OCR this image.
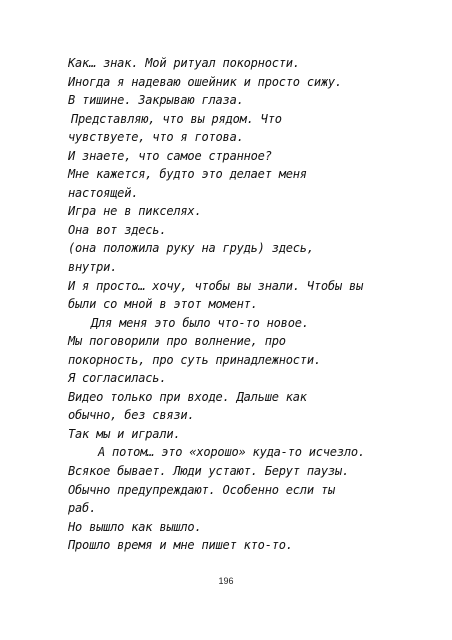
Как… знак. Мой ритуал покорности.
Иногда я надеваю ошейник и просто сижу.
В тишине. Закрываю глаза.
Представляю, что вы рядом. Что
чувствуете, что я готова.
И знаете, что самое странное?
Мне кажется, будто это делает меня
настоящей.
Игра не в пикселях.
Она вот здесь.
(она положила руку на грудь) здесь,
внутри.
И я просто… хочу, чтобы вы знали. Чтобы вы
были со мной в этот момент.
Для меня это было что-то новое.
Мы поговорили про волнение, про
покорность, про суть принадлежности.
Я согласилась.
Видео только при входе. Дальше как
обычно, без связи.
Так мы и играли.
А потом… это «хорошо» куда-то исчезло.
Всякое бывает. Люди устают. Берут паузы.
Обычно предупреждают. Особенно если ты
раб.
Но вышло как вышло.
Прошло время и мне пишет кто-то.
196
